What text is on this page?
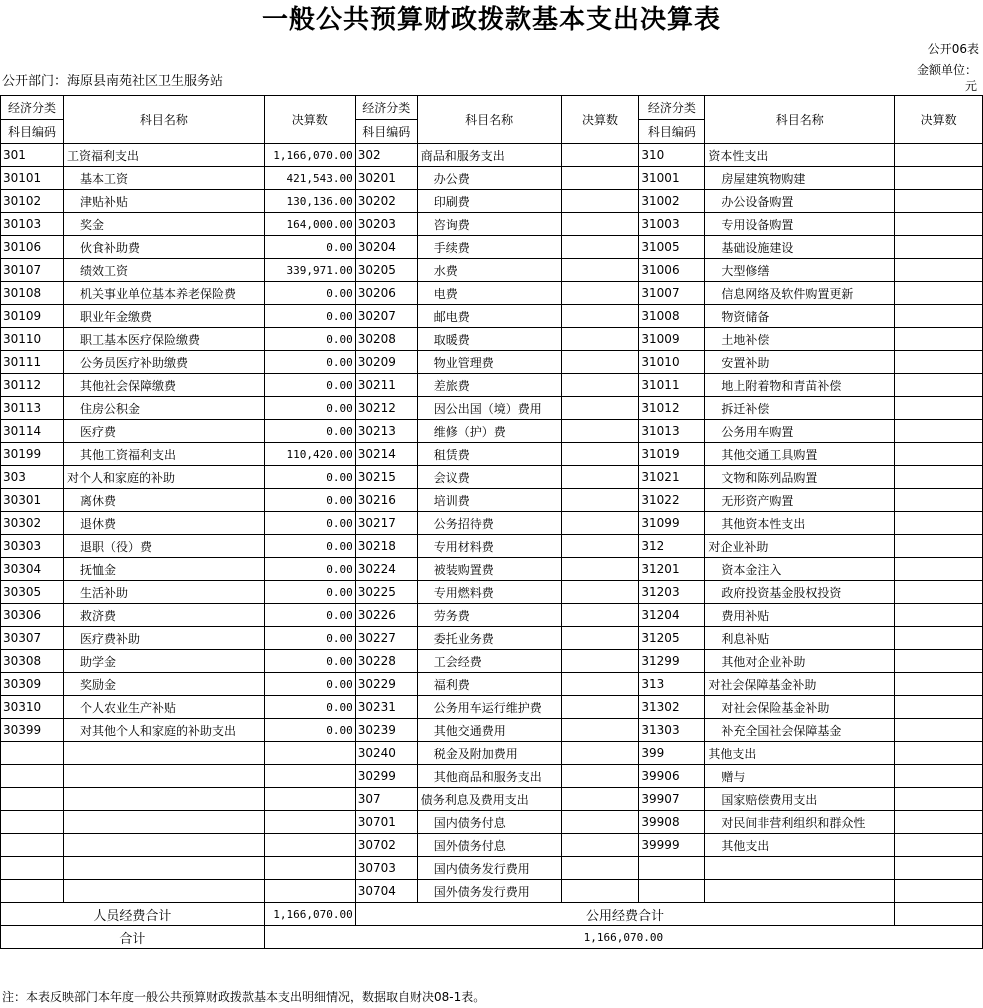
一般公共预算财政拨款基本支出决算表
公开06表
公开部门：海原县南苑社区卫生服务站
金额单位：元
经济分类	科目名称	决算数	经济分类	科目名称	决算数	经济分类	科目名称	决算数
科目编码			科目编码			科目编码		
301	工资福利支出	1,166,070.00	302	商品和服务支出		310	资本性支出	
30101	基本工资	421,543.00	30201	办公费		31001	房屋建筑物购建	
30102	津贴补贴	130,136.00	30202	印刷费		31002	办公设备购置	
30103	奖金	164,000.00	30203	咨询费		31003	专用设备购置	
30106	伙食补助费	0.00	30204	手续费		31005	基础设施建设	
30107	绩效工资	339,971.00	30205	水费		31006	大型修缮	
30108	机关事业单位基本养老保险费	0.00	30206	电费		31007	信息网络及软件购置更新	
30109	职业年金缴费	0.00	30207	邮电费		31008	物资储备	
30110	职工基本医疗保险缴费	0.00	30208	取暖费		31009	土地补偿	
30111	公务员医疗补助缴费	0.00	30209	物业管理费		31010	安置补助	
30112	其他社会保障缴费	0.00	30211	差旅费		31011	地上附着物和青苗补偿	
30113	住房公积金	0.00	30212	因公出国（境）费用		31012	拆迁补偿	
30114	医疗费	0.00	30213	维修（护）费		31013	公务用车购置	
30199	其他工资福利支出	110,420.00	30214	租赁费		31019	其他交通工具购置	
303	对个人和家庭的补助	0.00	30215	会议费		31021	文物和陈列品购置	
30301	离休费	0.00	30216	培训费		31022	无形资产购置	
30302	退休费	0.00	30217	公务招待费		31099	其他资本性支出	
30303	退职（役）费	0.00	30218	专用材料费		312	对企业补助	
30304	抚恤金	0.00	30224	被装购置费		31201	资本金注入	
30305	生活补助	0.00	30225	专用燃料费		31203	政府投资基金股权投资	
30306	救济费	0.00	30226	劳务费		31204	费用补贴	
30307	医疗费补助	0.00	30227	委托业务费		31205	利息补贴	
30308	助学金	0.00	30228	工会经费		31299	其他对企业补助	
30309	奖励金	0.00	30229	福利费		313	对社会保障基金补助	
30310	个人农业生产补贴	0.00	30231	公务用车运行维护费		31302	对社会保险基金补助	
30399	对其他个人和家庭的补助支出	0.00	30239	其他交通费用		31303	补充全国社会保障基金	
			30240	税金及附加费用		399	其他支出	
			30299	其他商品和服务支出		39906	赠与	
			307	债务利息及费用支出		39907	国家赔偿费用支出	
			30701	国内债务付息		39908	对民间非营利组织和群众性	
			30702	国外债务付息		39999	其他支出	
			30703	国内债务发行费用				
			30704	国外债务发行费用				
人员经费合计		1,166,070.00	公用经费合计					
合计		1,166,070.00						
注：本表反映部门本年度一般公共预算财政拨款基本支出明细情况，数据取自财决08-1表。
